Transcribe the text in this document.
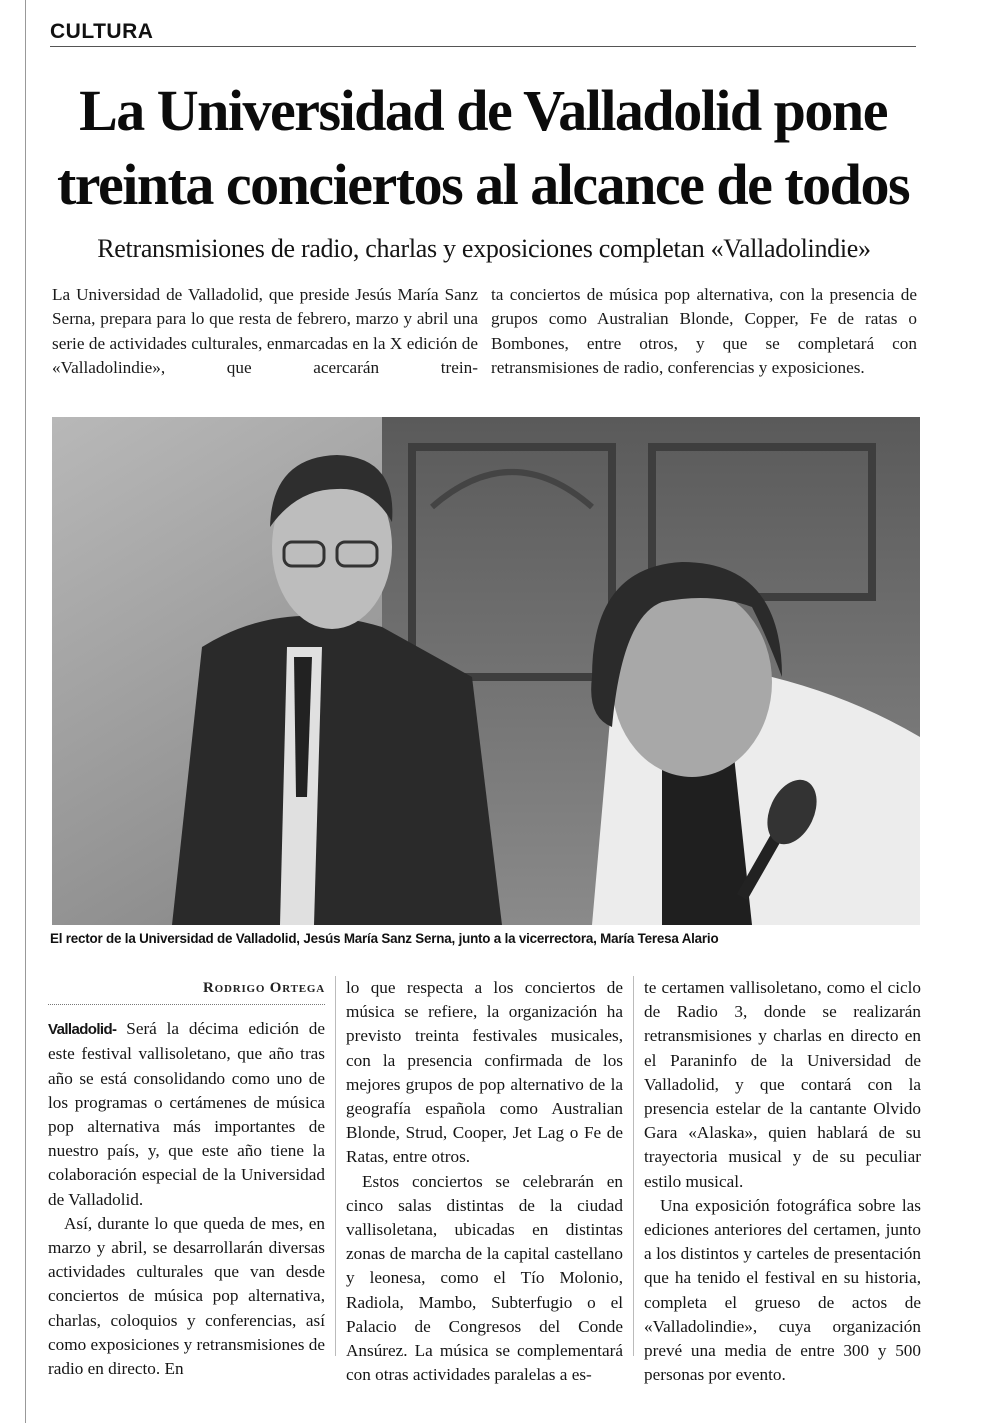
CULTURA
La Universidad de Valladolid pone treinta conciertos al alcance de todos
Retransmisiones de radio, charlas y exposiciones completan «Valladolindie»

La Universidad de Valladolid, que preside Jesús María Sanz Serna, prepara para lo que resta de febrero, marzo y abril una serie de actividades culturales, enmarcadas en la X edición de «Valladolindie», que acercarán trein-

ta conciertos de música pop alternativa, con la presencia de grupos como Australian Blonde, Copper, Fe de ratas o Bombones, entre otros, y que se completará con retransmisiones de radio, conferencias y exposiciones.

El rector de la Universidad de Valladolid, Jesús María Sanz Serna, junto a la vicerrectora, María Teresa Alario

Rodrigo Ortega

Valladolid- Será la décima edición de este festival vallisoletano, que año tras año se está consolidando como uno de los programas o certámenes de música pop alternativa más importantes de nuestro país, y, que este año tiene la colaboración especial de la Universidad de Valladolid.

Así, durante lo que queda de mes, en marzo y abril, se desarrollarán diversas actividades culturales que van desde conciertos de música pop alternativa, charlas, coloquios y conferencias, así como exposiciones y retransmisiones de radio en directo. En

lo que respecta a los conciertos de música se refiere, la organización ha previsto treinta festivales musicales, con la presencia confirmada de los mejores grupos de pop alternativo de la geografía española como Australian Blonde, Strud, Cooper, Jet Lag o Fe de Ratas, entre otros.

Estos conciertos se celebrarán en cinco salas distintas de la ciudad vallisoletana, ubicadas en distintas zonas de marcha de la capital castellano y leonesa, como el Tío Molonio, Radiola, Mambo, Subterfugio o el Palacio de Congresos del Conde Ansúrez. La música se complementará con otras actividades paralelas a es-

te certamen vallisoletano, como el ciclo de Radio 3, donde se realizarán retransmisiones y charlas en directo en el Paraninfo de la Universidad de Valladolid, y que contará con la presencia estelar de la cantante Olvido Gara «Alaska», quien hablará de su trayectoria musical y de su peculiar estilo musical.

Una exposición fotográfica sobre las ediciones anteriores del certamen, junto a los distintos y carteles de presentación que ha tenido el festival en su historia, completa el grueso de actos de «Valladolindie», cuya organización prevé una media de entre 300 y 500 personas por evento.
